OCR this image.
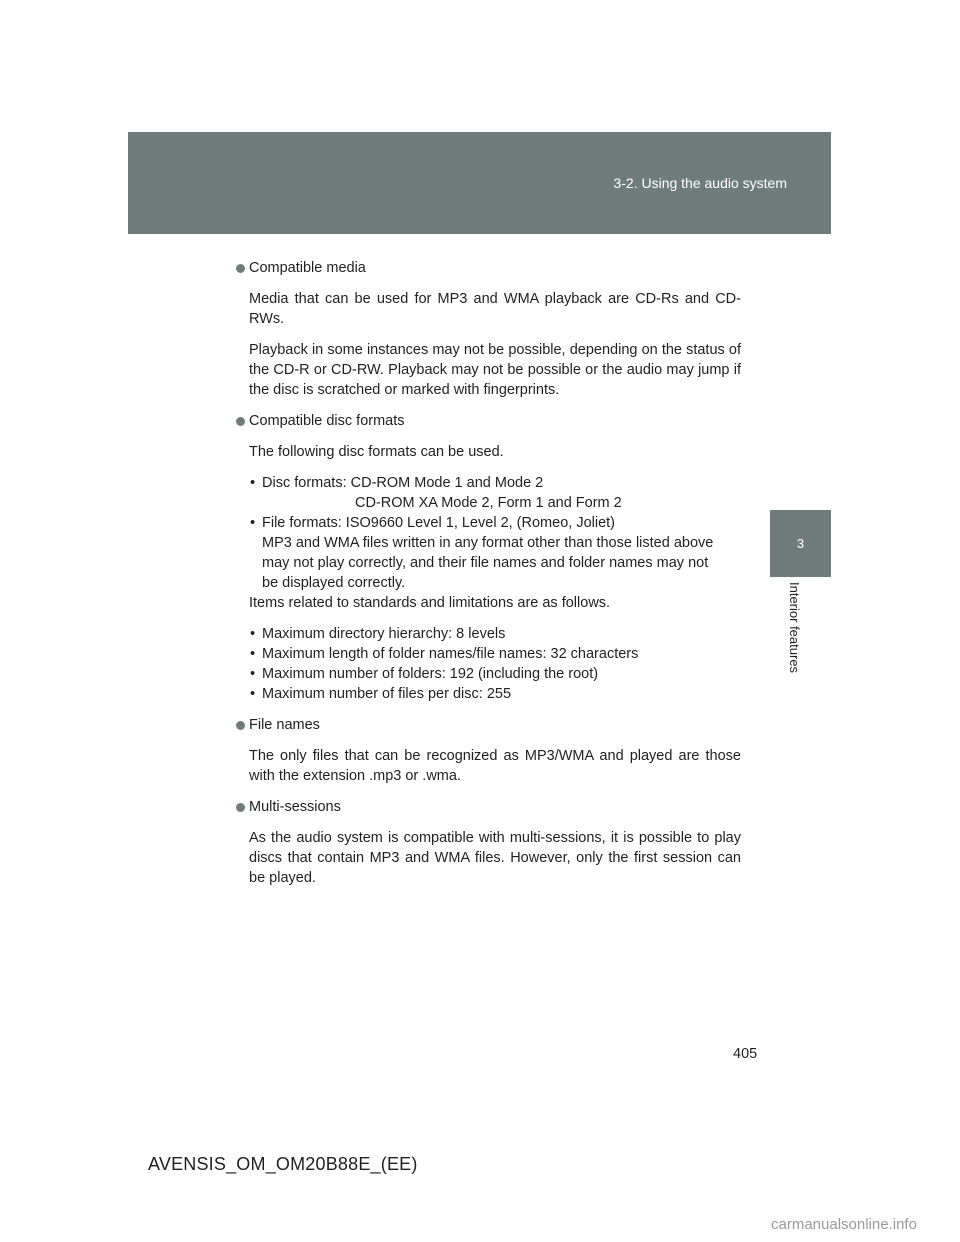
3-2. Using the audio system
3
Interior features
Compatible media

Media that can be used for MP3 and WMA playback are CD-Rs and CD-RWs.

Playback in some instances may not be possible, depending on the status of the CD-R or CD-RW. Playback may not be possible or the audio may jump if the disc is scratched or marked with fingerprints.

Compatible disc formats

The following disc formats can be used.

• Disc formats: CD-ROM Mode 1 and Mode 2
CD-ROM XA Mode 2, Form 1 and Form 2
• File formats: ISO9660 Level 1, Level 2, (Romeo, Joliet)
MP3 and WMA files written in any format other than those listed above
may not play correctly, and their file names and folder names may not
be displayed correctly.

Items related to standards and limitations are as follows.

• Maximum directory hierarchy: 8 levels
• Maximum length of folder names/file names: 32 characters
• Maximum number of folders: 192 (including the root)
• Maximum number of files per disc: 255
File names

The only files that can be recognized as MP3/WMA and played are those with the extension .mp3 or .wma.

Multi-sessions

As the audio system is compatible with multi-sessions, it is possible to play discs that contain MP3 and WMA files. However, only the first session can be played.

405
AVENSIS_OM_OM20B88E_(EE)
carmanualsonline.info
